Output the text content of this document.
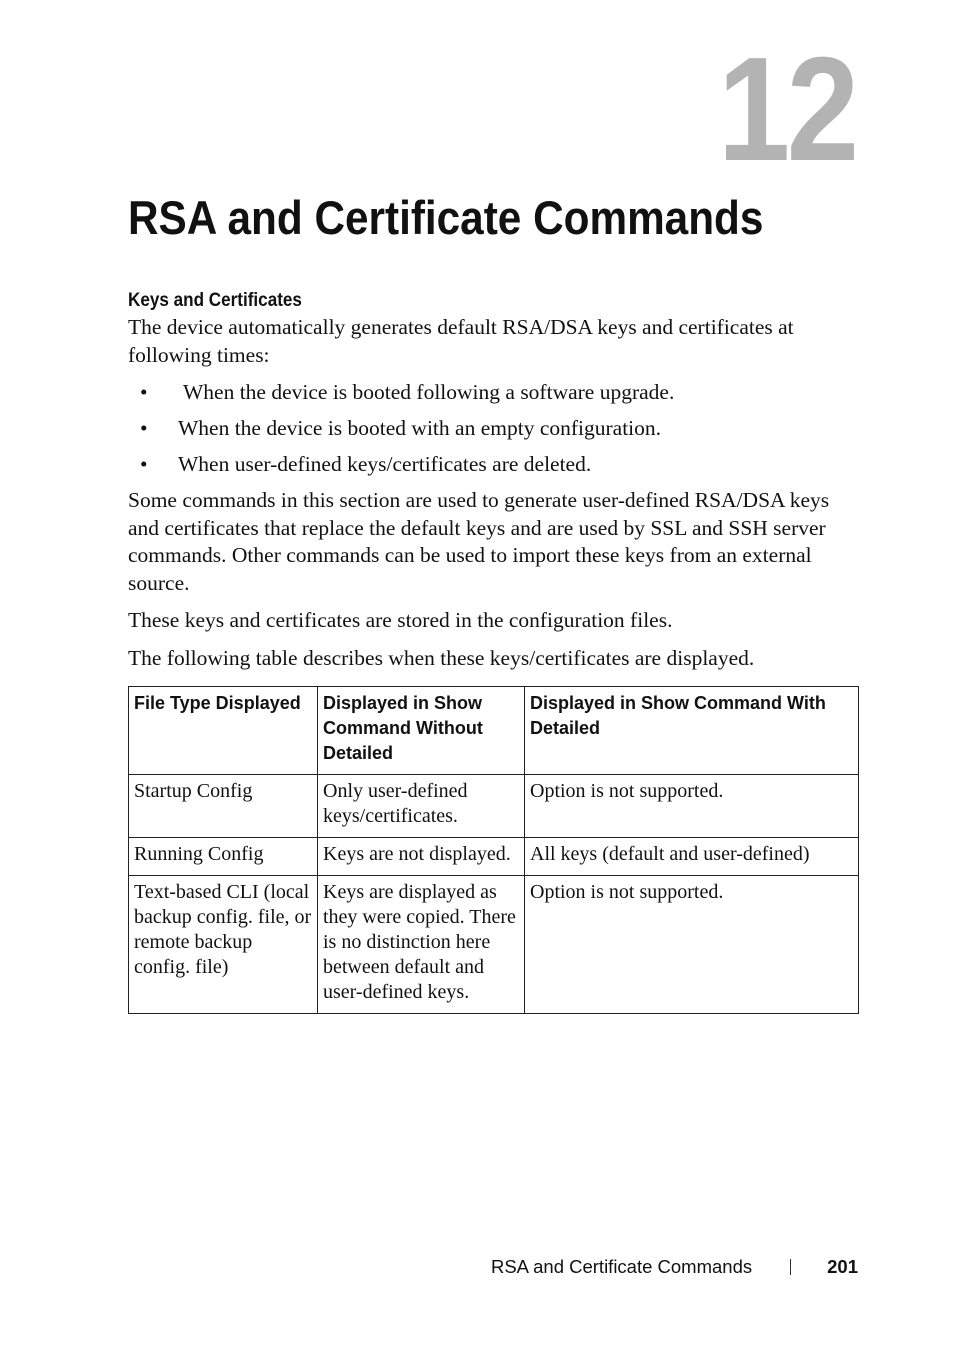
12
RSA and Certificate Commands
Keys and Certificates

The device automatically generates default RSA/DSA keys and certificates at following times:

• When the device is booted following a software upgrade.
• When the device is booted with an empty configuration.
• When user-defined keys/certificates are deleted.

Some commands in this section are used to generate user-defined RSA/DSA keys and certificates that replace the default keys and are used by SSL and SSH server commands. Other commands can be used to import these keys from an external source.

These keys and certificates are stored in the configuration files.

The following table describes when these keys/certificates are displayed.

File Type Displayed	Displayed in Show Command Without Detailed	Displayed in Show Command With Detailed
Startup Config	Only user-defined keys/certificates.	Option is not supported.
Running Config	Keys are not displayed.	All keys (default and user-defined)
Text-based CLI (local backup config. file, or remote backup config. file)	Keys are displayed as they were copied. There is no distinction here between default and user-defined keys.	Option is not supported.
RSA and Certificate Commands	201
